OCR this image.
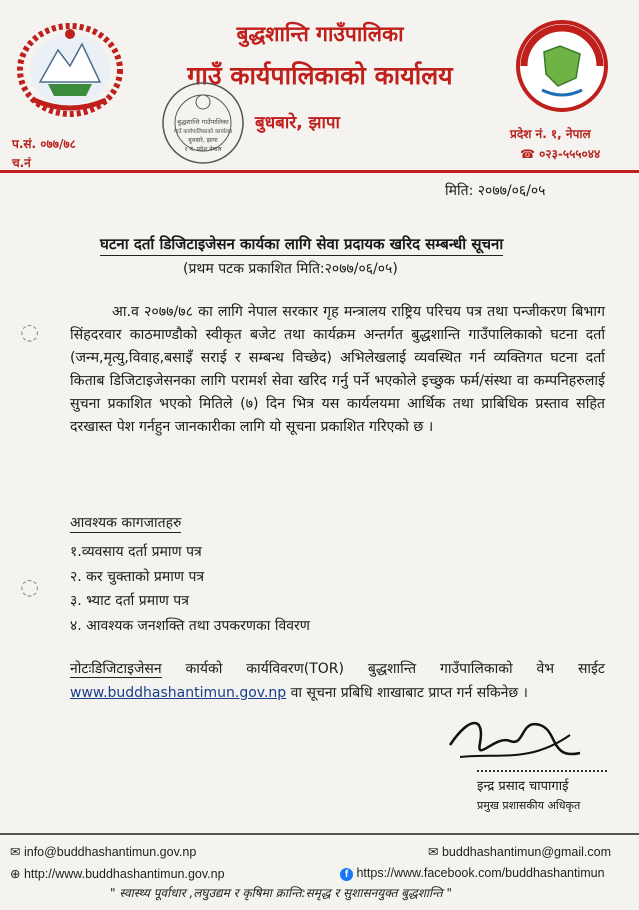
बुद्धशान्ति गाउँपालिका
गाउँ कार्यपालिकाको कार्यालय
बुधबारे, झापा
बुद्धशान्ति गाउँपालिका
गाउँ कार्यपालिकाको कार्यालय
बुधबारे, झापा
१ नं. प्रदेश नेपाल
प.सं. ०७७/७८
च.नं
प्रदेश नं. १, नेपाल
☎ ०२३-५५५०४४
मिति: २०७७/०६/०५
घटना दर्ता डिजिटाइजेसन कार्यका लागि सेवा प्रदायक खरिद सम्बन्धी सूचना
(प्रथम पटक प्रकाशित मिति:२०७७/०६/०५)
◌
◌
आ.व २०७७/७८ का लागि नेपाल सरकार गृह मन्त्रालय राष्ट्रिय परिचय पत्र तथा पन्जीकरण बिभाग सिंहदरवार काठमाण्डौको स्वीकृत बजेट तथा कार्यक्रम अन्तर्गत बुद्धशान्ति गाउँपालिकाको घटना दर्ता (जन्म,मृत्यु,विवाह,बसाइँ सराई र सम्बन्ध विच्छेद) अभिलेखलाई व्यवस्थित गर्न व्यक्तिगत घटना दर्ता किताब डिजिटाइजेसनका लागि परामर्श सेवा खरिद गर्नु पर्ने भएकोले इच्छुक फर्म/संस्था वा कम्पनिहरुलाई सुचना प्रकाशित भएको मितिले (७) दिन भित्र यस कार्यलयमा आर्थिक तथा प्राबिधिक प्रस्ताव सहित दरखास्त पेश गर्नहुन जानकारीका लागि यो सूचना प्रकाशित गरिएको छ ।
आवश्यक कागजातहरु
१.व्यवसाय दर्ता प्रमाण पत्र
२. कर चुक्ताको प्रमाण पत्र
३. भ्याट दर्ता प्रमाण पत्र
४. आवश्यक जनशक्ति तथा उपकरणका विवरण
नोटःडिजिटाइजेसन कार्यको कार्यविवरण(TOR) बुद्धशान्ति गाउँपालिकाको वेभ साईट www.buddhashantimun.gov.np वा सूचना प्रबिधि शाखाबाट प्राप्त गर्न सकिनेछ ।
इन्द्र प्रसाद चापागाई
प्रमुख प्रशासकीय अधिकृत
✉ info@buddhashantimun.gov.np	✉ buddhashantimun@gmail.com
⊕ http://www.buddhashantimun.gov.np	f https://www.facebook.com/buddhashantimun
" स्वास्थ्य पूर्वाधार ,लघुउद्यम र कृषिमा क्रान्ति:समृद्ध र सुशासनयुक्त बुद्धशान्ति "
